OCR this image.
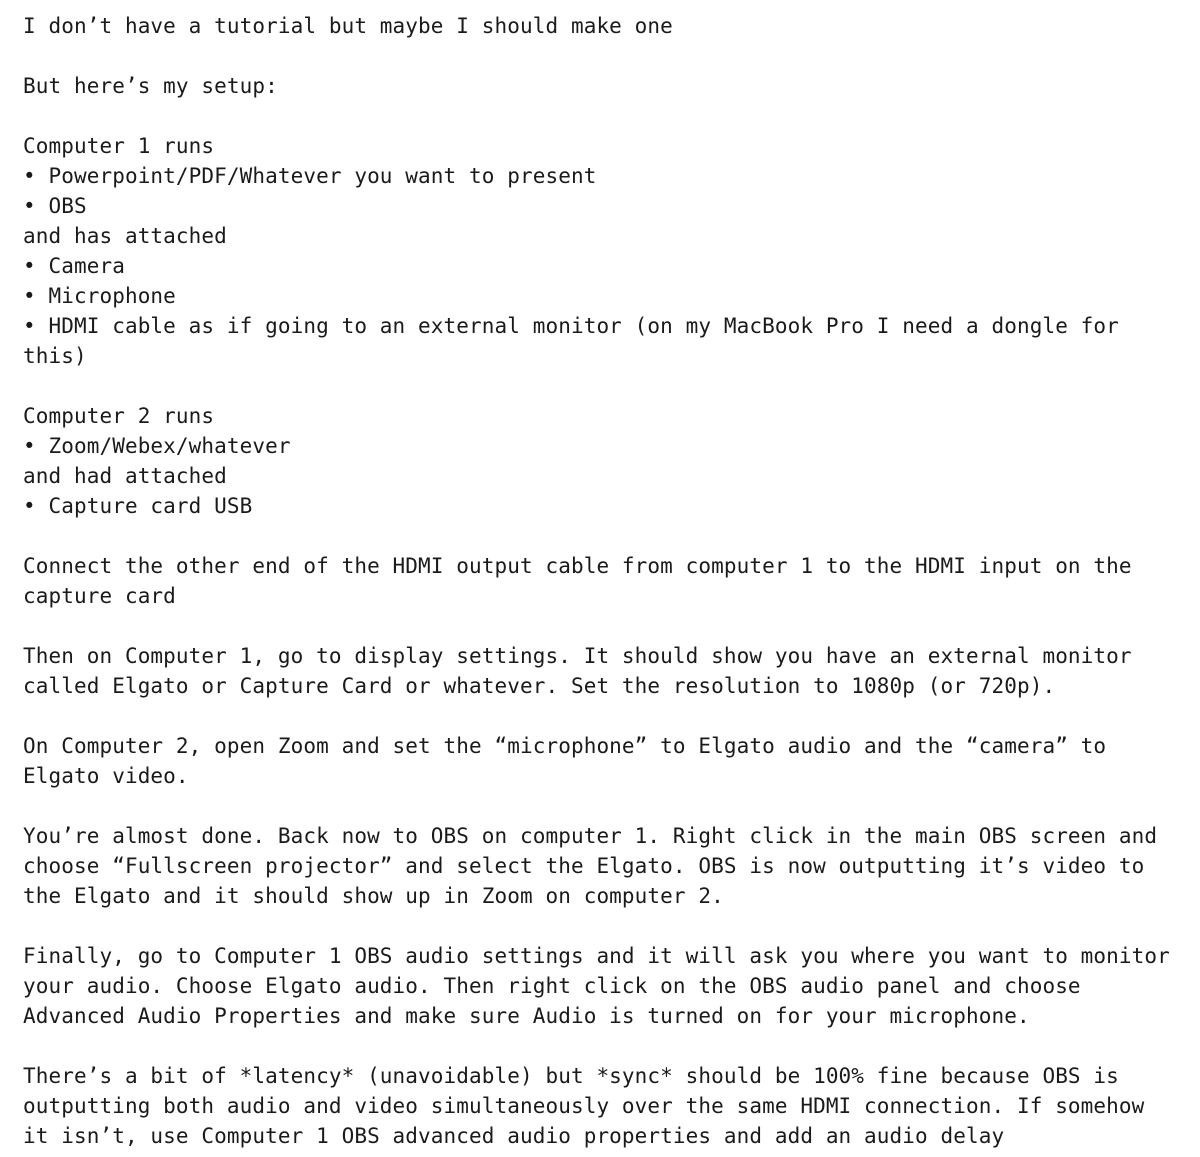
I don’t have a tutorial but maybe I should make one
But here’s my setup:
Computer 1 runs
• Powerpoint/PDF/Whatever you want to present
• OBS
and has attached
• Camera
• Microphone
• HDMI cable as if going to an external monitor (on my MacBook Pro I need a dongle for
this)
Computer 2 runs
• Zoom/Webex/whatever
and had attached
• Capture card USB
Connect the other end of the HDMI output cable from computer 1 to the HDMI input on the
capture card
Then on Computer 1, go to display settings. It should show you have an external monitor
called Elgato or Capture Card or whatever. Set the resolution to 1080p (or 720p).
On Computer 2, open Zoom and set the “microphone” to Elgato audio and the “camera” to
Elgato video.
You’re almost done. Back now to OBS on computer 1. Right click in the main OBS screen and
choose “Fullscreen projector” and select the Elgato. OBS is now outputting it’s video to
the Elgato and it should show up in Zoom on computer 2.
Finally, go to Computer 1 OBS audio settings and it will ask you where you want to monitor
your audio. Choose Elgato audio. Then right click on the OBS audio panel and choose
Advanced Audio Properties and make sure Audio is turned on for your microphone.
There’s a bit of *latency* (unavoidable) but *sync* should be 100% fine because OBS is
outputting both audio and video simultaneously over the same HDMI connection. If somehow
it isn’t, use Computer 1 OBS advanced audio properties and add an audio delay
